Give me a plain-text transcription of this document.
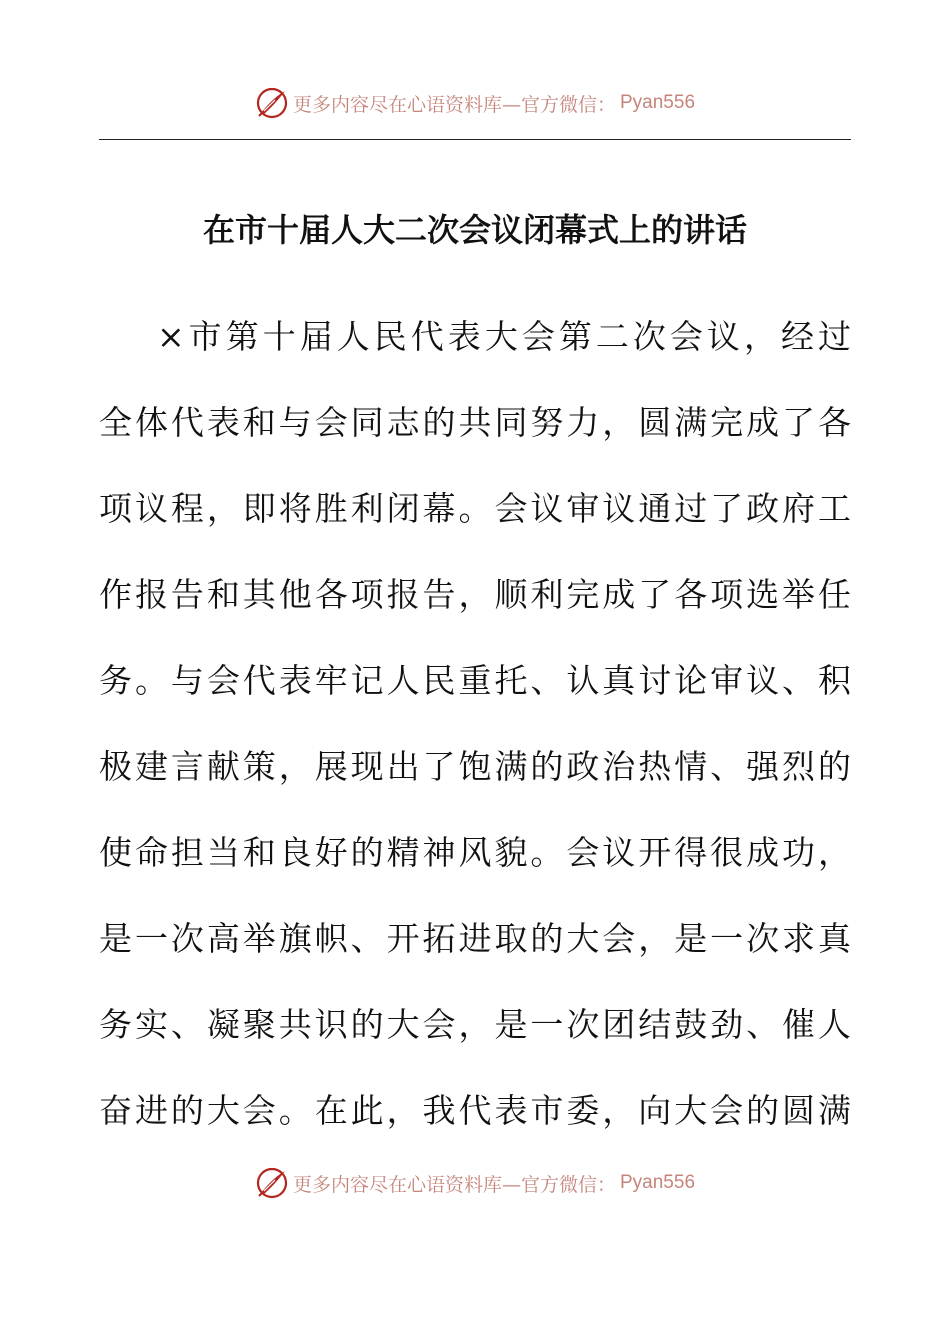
更多内容尽在心语资料库—官方微信： Pyan556
在市十届人大二次会议闭幕式上的讲话
×市第十届人民代表大会第二次会议，经过
全体代表和与会同志的共同努力，圆满完成了各
项议程，即将胜利闭幕。会议审议通过了政府工
作报告和其他各项报告，顺利完成了各项选举任
务。与会代表牢记人民重托、认真讨论审议、积
极建言献策，展现出了饱满的政治热情、强烈的
使命担当和良好的精神风貌。会议开得很成功，
是一次高举旗帜、开拓进取的大会，是一次求真
务实、凝聚共识的大会，是一次团结鼓劲、催人
奋进的大会。在此，我代表市委，向大会的圆满
更多内容尽在心语资料库—官方微信： Pyan556
